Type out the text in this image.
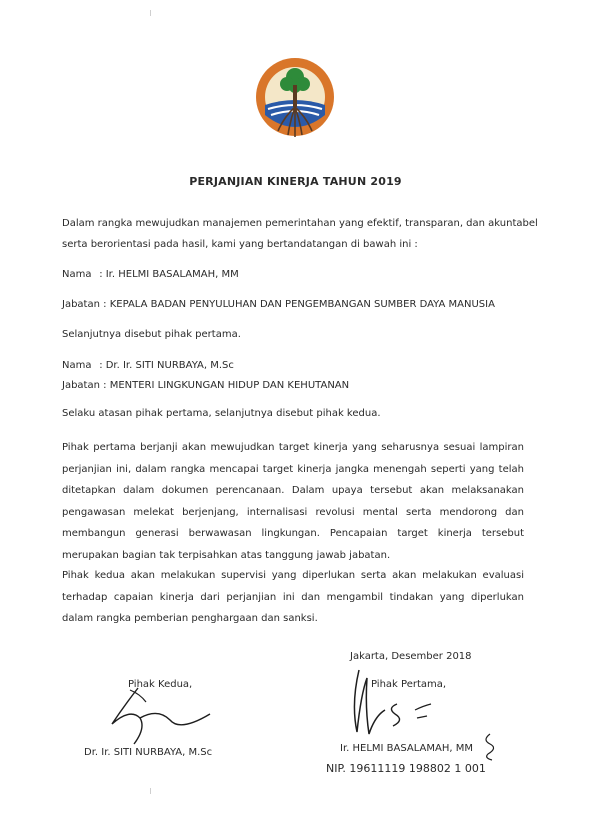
PERJANJIAN KINERJA TAHUN 2019
Dalam rangka mewujudkan manajemen pemerintahan yang efektif, transparan, dan akuntabel
serta berorientasi pada hasil, kami yang bertandatangan di bawah ini :
Nama : Ir. HELMI BASALAMAH, MM
Jabatan : KEPALA BADAN PENYULUHAN DAN PENGEMBANGAN SUMBER DAYA MANUSIA
Selanjutnya disebut pihak pertama.
Nama : Dr. Ir. SITI NURBAYA, M.Sc
Jabatan : MENTERI LINGKUNGAN HIDUP DAN KEHUTANAN
Selaku atasan pihak pertama, selanjutnya disebut pihak kedua.
Pihak pertama berjanji akan mewujudkan target kinerja yang seharusnya sesuai lampiran perjanjian ini, dalam rangka mencapai target kinerja jangka menengah seperti yang telah ditetapkan dalam dokumen perencanaan. Dalam upaya tersebut akan melaksanakan pengawasan melekat berjenjang, internalisasi revolusi mental serta mendorong dan membangun generasi berwawasan lingkungan. Pencapaian target kinerja tersebut merupakan bagian tak terpisahkan atas tanggung jawab jabatan.
Pihak kedua akan melakukan supervisi yang diperlukan serta akan melakukan evaluasi terhadap capaian kinerja dari perjanjian ini dan mengambil tindakan yang diperlukan dalam rangka pemberian penghargaan dan sanksi.
Jakarta, Desember 2018
Pihak Kedua,
Dr. Ir. SITI NURBAYA, M.Sc
Pihak Pertama,
Ir. HELMI BASALAMAH, MM
NIP. 19611119 198802 1 001
